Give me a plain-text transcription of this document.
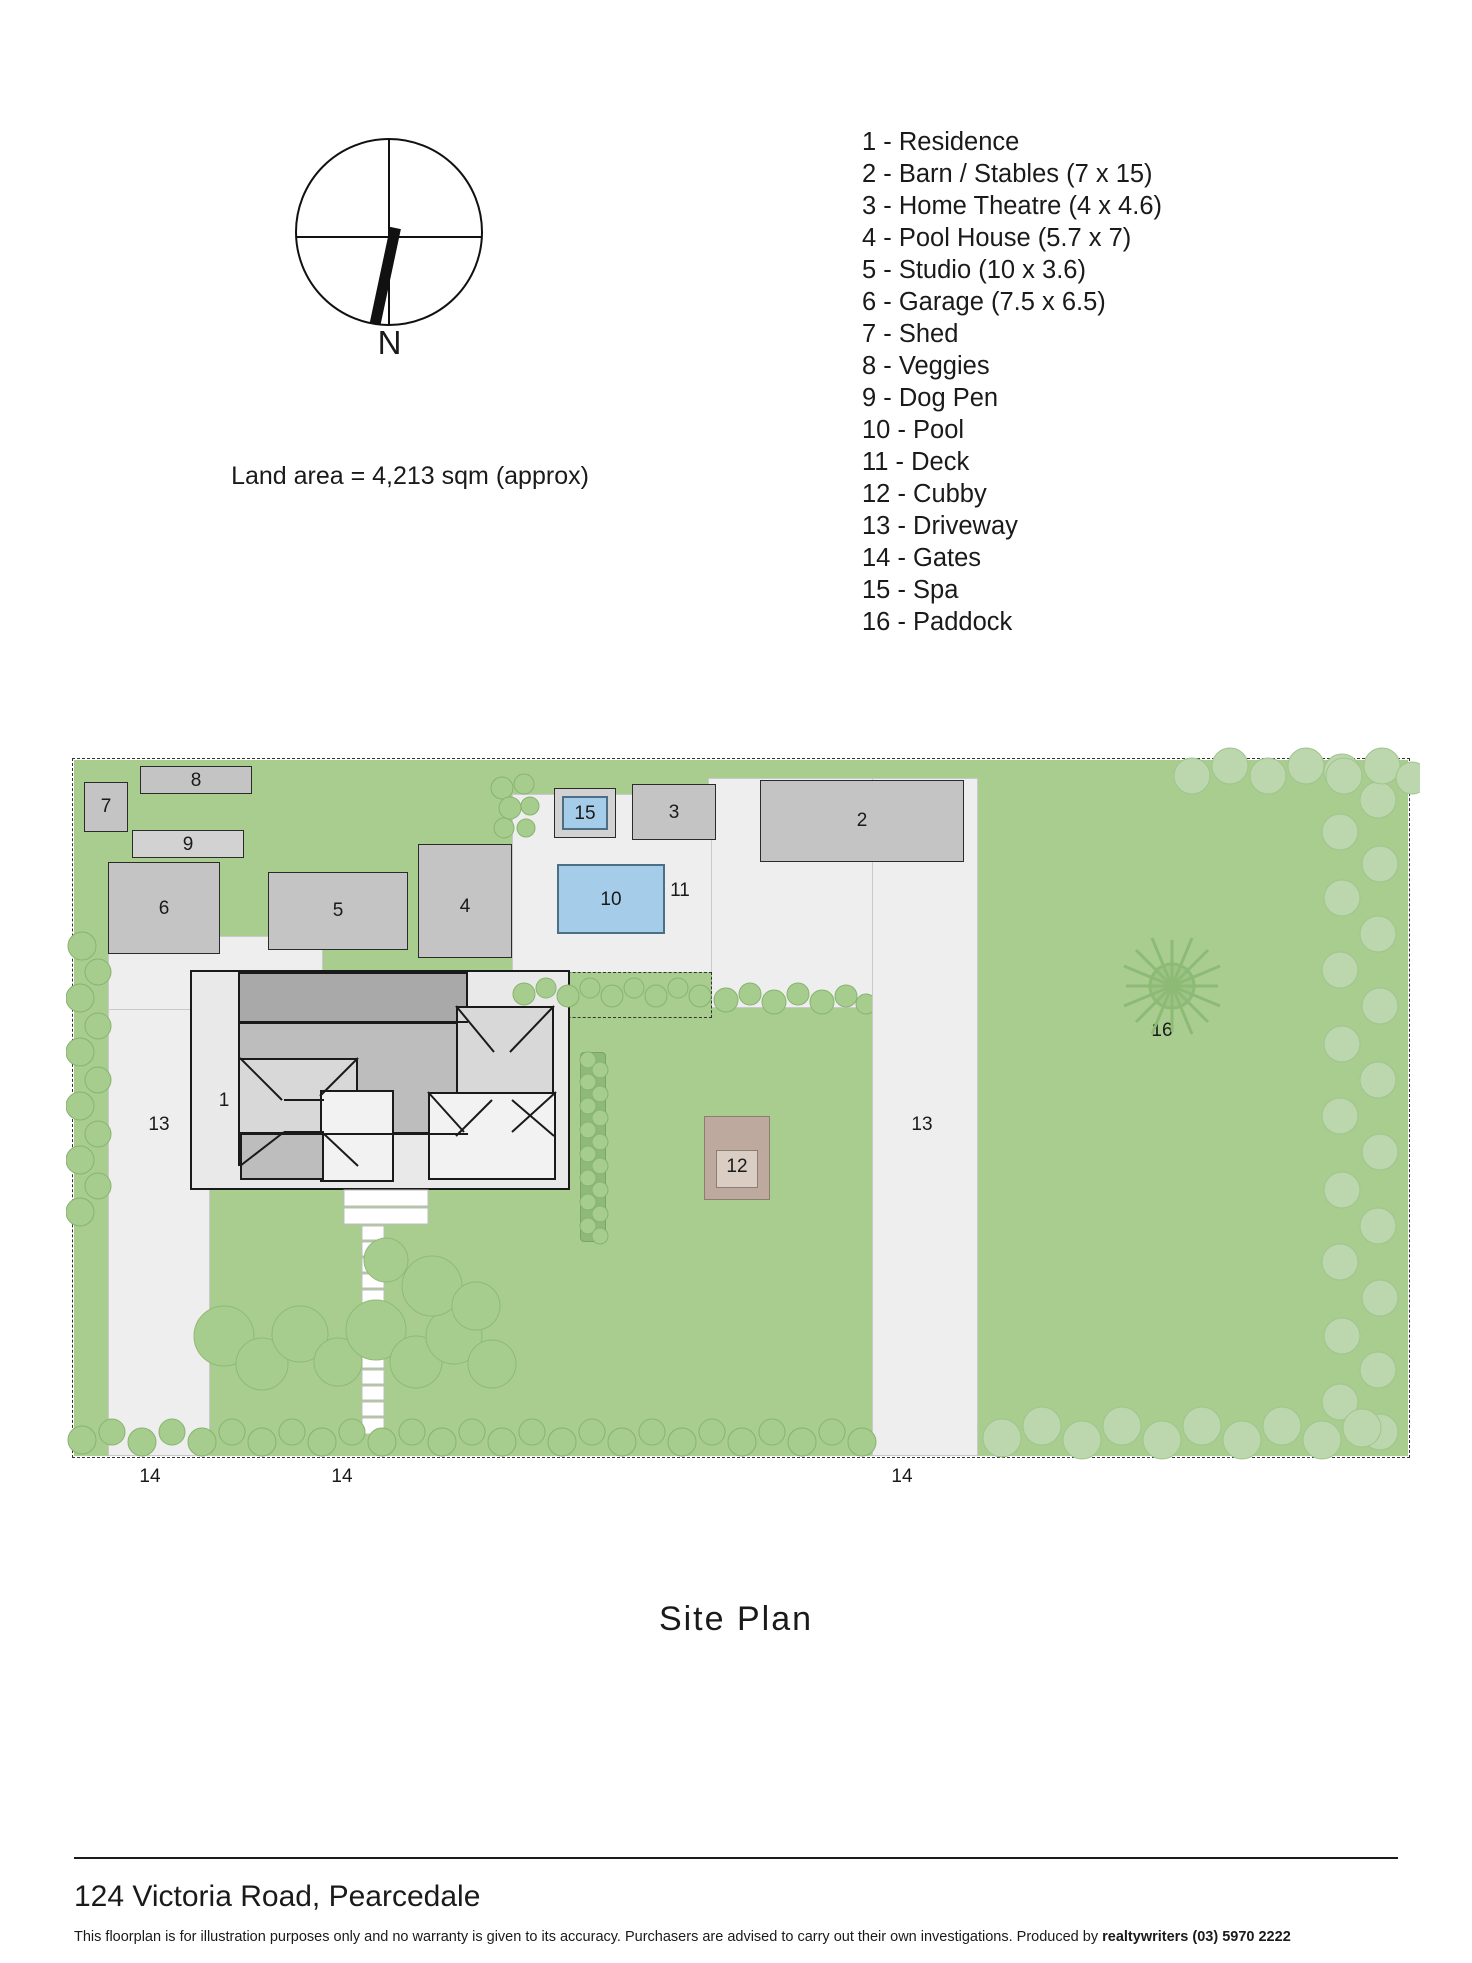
N
Land area = 4,213 sqm (approx)
1 - Residence
2 - Barn / Stables (7 x 15)
3 - Home Theatre (4 x 4.6)
4 - Pool House (5.7 x 7)
5 - Studio (10 x 3.6)
6 - Garage (7.5 x 6.5)
7 - Shed
8 - Veggies
9 - Dog Pen
10 - Pool
11 - Deck
12 - Cubby
13 - Driveway
14 - Gates
15 - Spa
16 - Paddock
16
13	13
11
7
8
9
6	5	4
3	2
15
10
1
12
14	14	14
Site Plan
124 Victoria Road, Pearcedale
This floorplan is for illustration purposes only and no warranty is given to its accuracy. Purchasers are advised to carry out their own investigations. Produced by realtywriters (03) 5970 2222
